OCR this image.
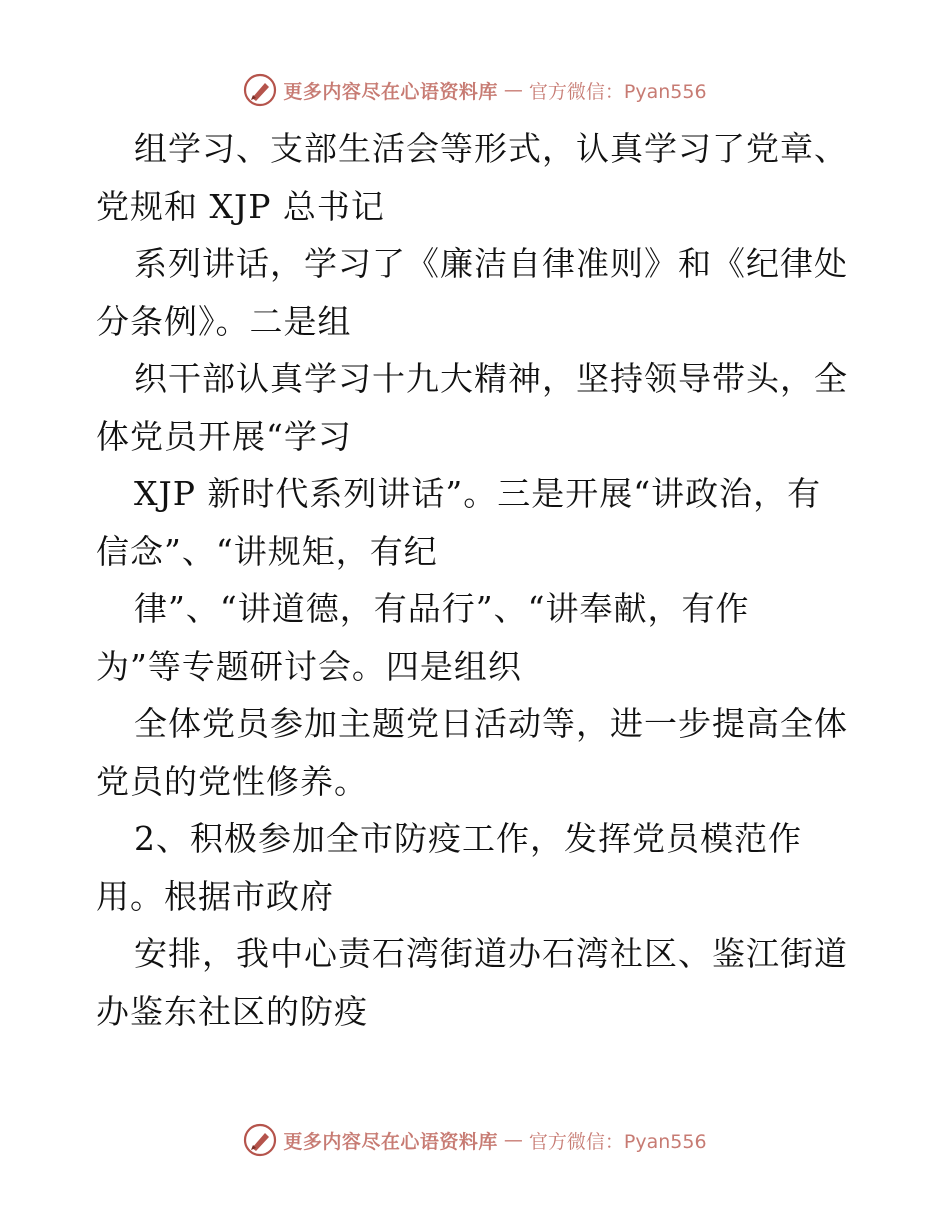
更多内容尽在心语资料库 — 官方微信：Pyan556
组学习、支部生活会等形式，认真学习了党章、
党规和 XJP 总书记
系列讲话，学习了《廉洁自律准则》和《纪律处
分条例》。二是组
织干部认真学习十九大精神，坚持领导带头，全
体党员开展“学习
XJP 新时代系列讲话”。三是开展“讲政治，有
信念”、“讲规矩，有纪
律”、“讲道德，有品行”、“讲奉献，有作
为”等专题研讨会。四是组织
全体党员参加主题党日活动等，进一步提高全体
党员的党性修养。
2、积极参加全市防疫工作，发挥党员模范作
用。根据市政府
安排，我中心责石湾街道办石湾社区、鉴江街道
办鉴东社区的防疫
更多内容尽在心语资料库 — 官方微信：Pyan556
